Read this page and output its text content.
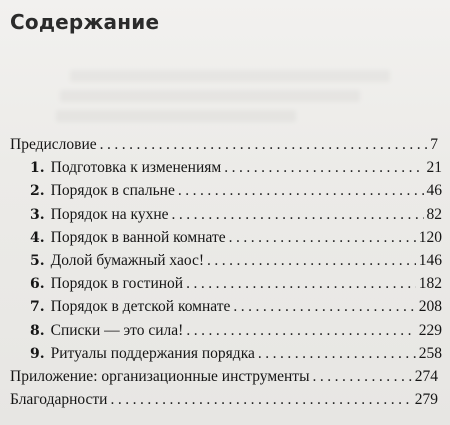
Содержание
Предисловие .....	7
1. Подготовка к изменениям .....	21
2. Порядок в спальне .....	46
3. Порядок на кухне .....	82
4. Порядок в ванной комнате .....	120
5. Долой бумажный хаос! .....	146
6. Порядок в гостиной .....	182
7. Порядок в детской комнате .....	208
8. Списки — это сила! .....	229
9. Ритуалы поддержания порядка .....	258
Приложение: организационные инструменты .....	274
Благодарности .....	279
